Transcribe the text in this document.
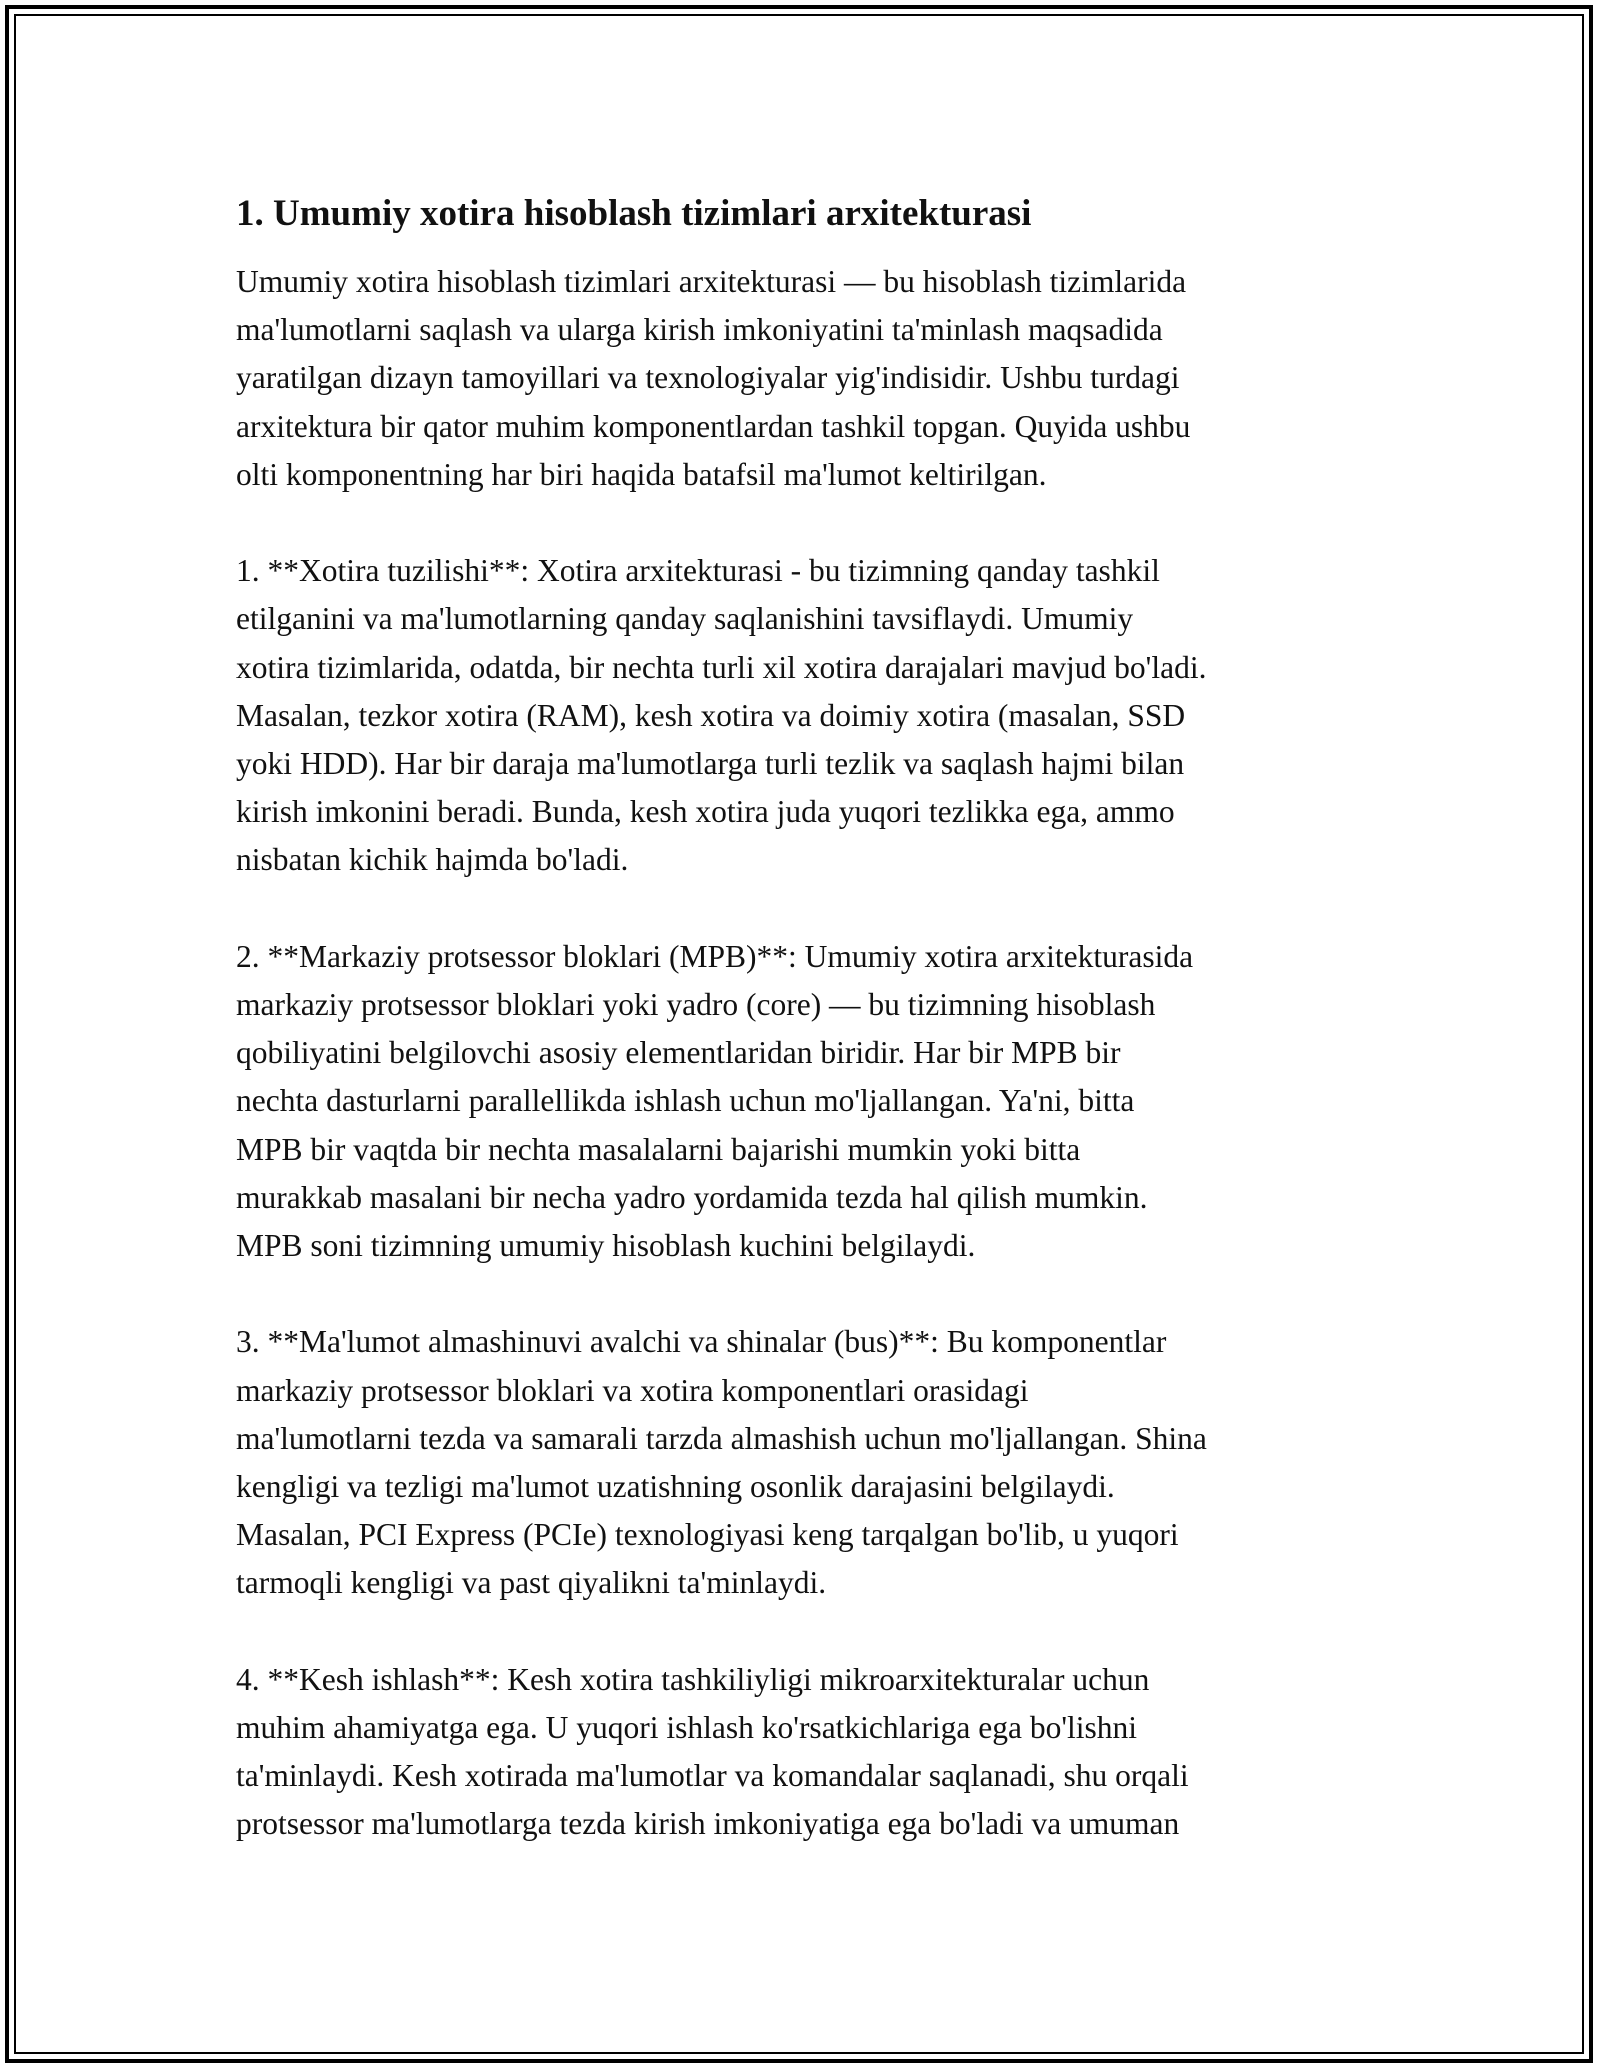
1. Umumiy xotira hisoblash tizimlari arxitekturasi

Umumiy xotira hisoblash tizimlari arxitekturasi — bu hisoblash tizimlarida
ma'lumotlarni saqlash va ularga kirish imkoniyatini ta'minlash maqsadida
yaratilgan dizayn tamoyillari va texnologiyalar yig'indisidir. Ushbu turdagi
arxitektura bir qator muhim komponentlardan tashkil topgan. Quyida ushbu
olti komponentning har biri haqida batafsil ma'lumot keltirilgan.

1. **Xotira tuzilishi**: Xotira arxitekturasi - bu tizimning qanday tashkil
etilganini va ma'lumotlarning qanday saqlanishini tavsiflaydi. Umumiy
xotira tizimlarida, odatda, bir nechta turli xil xotira darajalari mavjud bo'ladi.
Masalan, tezkor xotira (RAM), kesh xotira va doimiy xotira (masalan, SSD
yoki HDD). Har bir daraja ma'lumotlarga turli tezlik va saqlash hajmi bilan
kirish imkonini beradi. Bunda, kesh xotira juda yuqori tezlikka ega, ammo
nisbatan kichik hajmda bo'ladi.

2. **Markaziy protsessor bloklari (MPB)**: Umumiy xotira arxitekturasida
markaziy protsessor bloklari yoki yadro (core) — bu tizimning hisoblash
qobiliyatini belgilovchi asosiy elementlaridan biridir. Har bir MPB bir
nechta dasturlarni parallellikda ishlash uchun mo'ljallangan. Ya'ni, bitta
MPB bir vaqtda bir nechta masalalarni bajarishi mumkin yoki bitta
murakkab masalani bir necha yadro yordamida tezda hal qilish mumkin.
MPB soni tizimning umumiy hisoblash kuchini belgilaydi.

3. **Ma'lumot almashinuvi avalchi va shinalar (bus)**: Bu komponentlar
markaziy protsessor bloklari va xotira komponentlari orasidagi
ma'lumotlarni tezda va samarali tarzda almashish uchun mo'ljallangan. Shina
kengligi va tezligi ma'lumot uzatishning osonlik darajasini belgilaydi.
Masalan, PCI Express (PCIe) texnologiyasi keng tarqalgan bo'lib, u yuqori
tarmoqli kengligi va past qiyalikni ta'minlaydi.

4. **Kesh ishlash**: Kesh xotira tashkiliyligi mikroarxitekturalar uchun
muhim ahamiyatga ega. U yuqori ishlash ko'rsatkichlariga ega bo'lishni
ta'minlaydi. Kesh xotirada ma'lumotlar va komandalar saqlanadi, shu orqali
protsessor ma'lumotlarga tezda kirish imkoniyatiga ega bo'ladi va umuman
